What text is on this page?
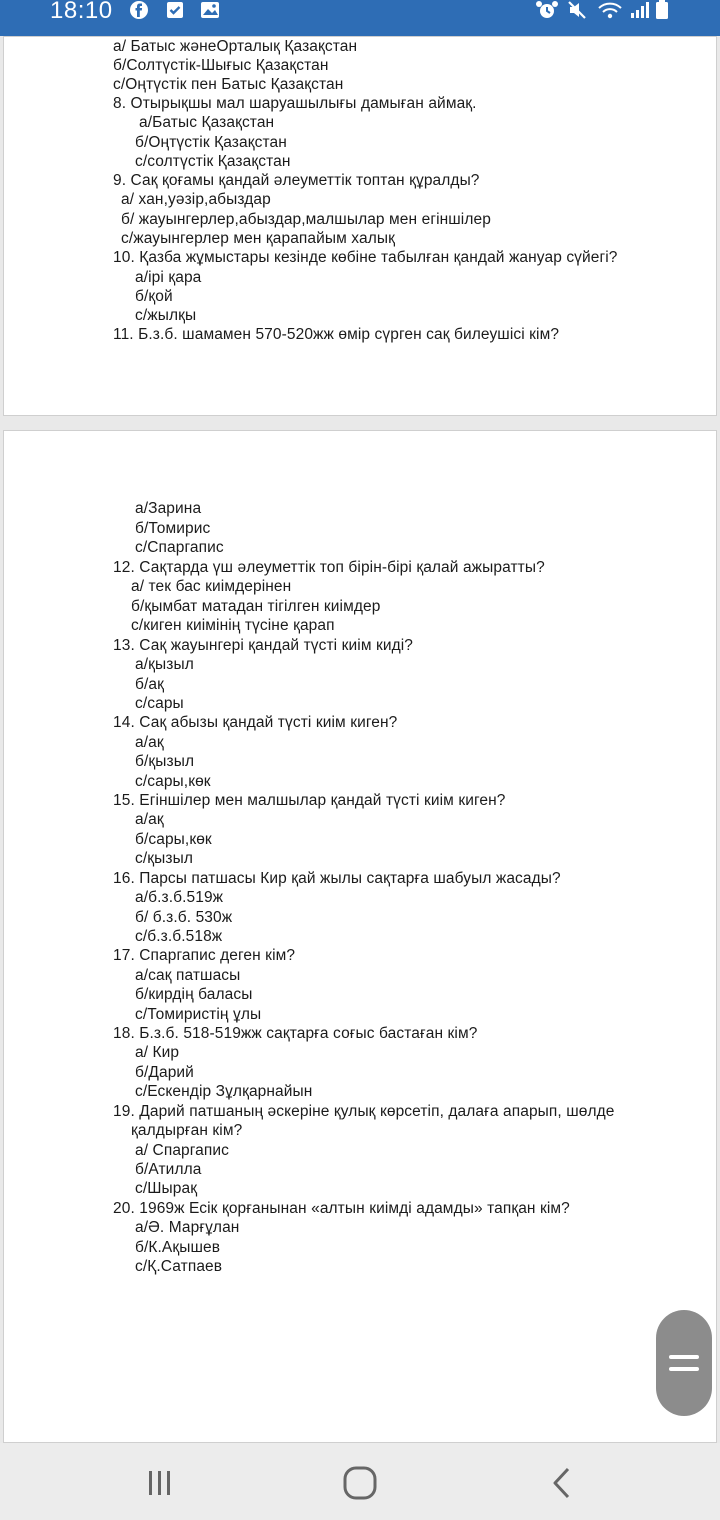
18:10
а/ Батыс жәнеОрталық Қазақстан
б/Солтүстік-Шығыс Қазақстан
с/Оңтүстік пен Батыс Қазақстан
8. Отырықшы мал шаруашылығы дамыған аймақ.
а/Батыс Қазақстан
б/Оңтүстік Қазақстан
с/солтүстік Қазақстан
9. Сақ қоғамы қандай әлеуметтік топтан құралды?
а/ хан,уәзір,абыздар
б/ жауынгерлер,абыздар,малшылар мен егіншілер
с/жауынгерлер мен қарапайым халық
10. Қазба жұмыстары кезінде көбіне табылған қандай жануар сүйегі?
а/ірі қара
б/қой
с/жылқы
11. Б.з.б. шамамен 570-520жж өмір сүрген сақ билеушісі кім?
а/Зарина
б/Томирис
с/Спаргапис
12. Сақтарда үш әлеуметтік топ бірін-бірі қалай ажыратты?
а/ тек бас киімдерінен
б/қымбат матадан тігілген киімдер
с/киген киімінің түсіне қарап
13. Сақ жауынгері қандай түсті киім киді?
а/қызыл
б/ақ
с/сары
14. Сақ абызы қандай түсті киім киген?
а/ақ
б/қызыл
с/сары,көк
15. Егіншілер мен малшылар қандай түсті киім киген?
а/ақ
б/сары,көк
с/қызыл
16. Парсы патшасы Кир қай жылы сақтарға шабуыл жасады?
а/б.з.б.519ж
б/ б.з.б. 530ж
с/б.з.б.518ж
17. Спаргапис деген кім?
а/сақ патшасы
б/кирдің баласы
с/Томиристің ұлы
18. Б.з.б. 518-519жж сақтарға соғыс бастаған кім?
а/ Кир
б/Дарий
с/Ескендір Зұлқарнайын
19. Дарий патшаның әскеріне қулық көрсетіп, далаға апарып, шөлде
қалдырған кім?
а/ Спаргапис
б/Атилла
с/Шырақ
20. 1969ж Есік қорғанынан «алтын киімді адамды» тапқан кім?
а/Ә. Марғұлан
б/К.Ақышев
с/Қ.Сатпаев
